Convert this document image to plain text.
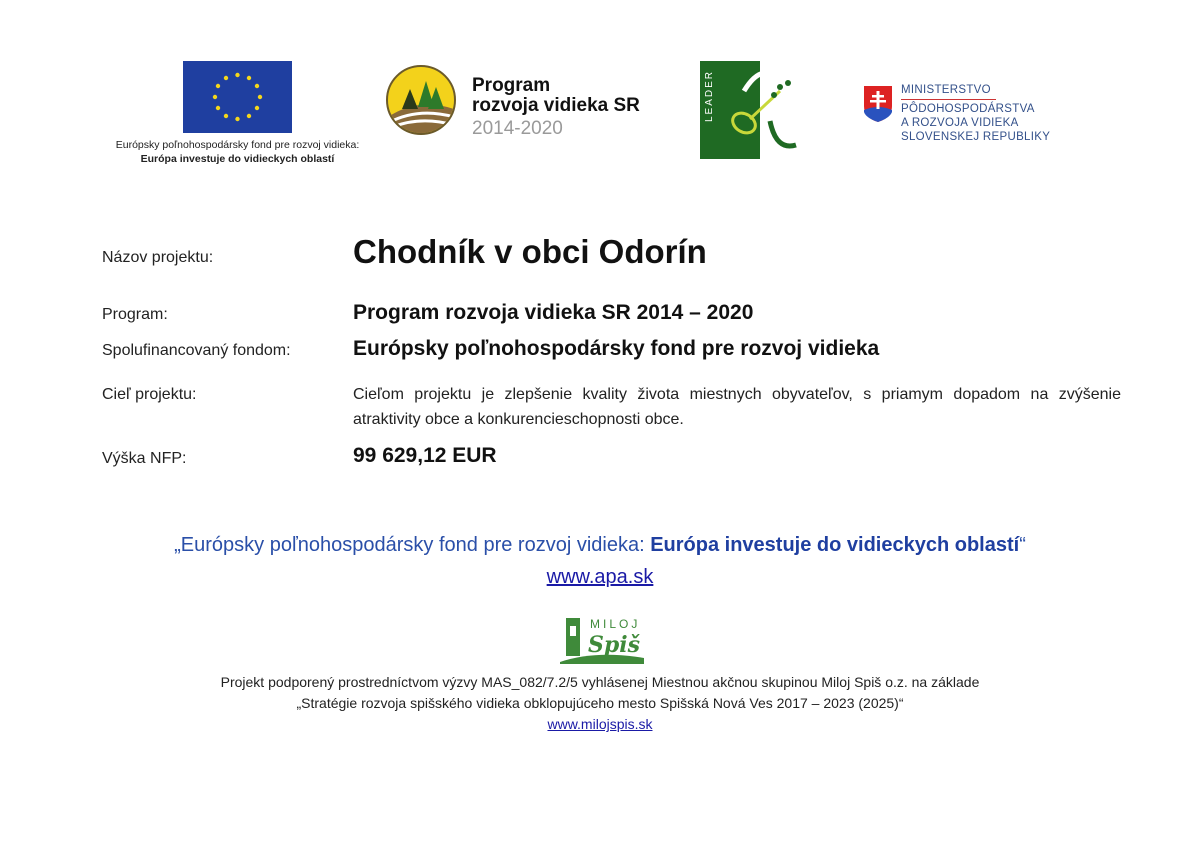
Európsky poľnohospodársky fond pre rozvoj vidieka:
Európa investuje do vidieckych oblastí
Program
rozvoja vidieka SR
2014-2020
LEADER	MINISTERSTVO
PÔDOHOSPODÁRSTVA
A ROZVOJA VIDIEKA
SLOVENSKEJ REPUBLIKY
Názov projektu:	Chodník v obci Odorín
Program:	Program rozvoja vidieka SR 2014 – 2020
Spolufinancovaný fondom:	Európsky poľnohospodársky fond pre rozvoj vidieka
Cieľ projektu:	Cieľom projektu je zlepšenie kvality života miestnych obyvateľov, s priamym dopadom na zvýšenie atraktivity obce a konkurencieschopnosti obce.
Výška NFP:	99 629,12 EUR
„Európsky poľnohospodársky fond pre rozvoj vidieka: Európa investuje do vidieckych oblastí“
www.apa.sk
MILOJ
Spiš
Projekt podporený prostredníctvom výzvy MAS_082/7.2/5 vyhlásenej Miestnou akčnou skupinou Miloj Spiš o.z. na základe
„Stratégie rozvoja spišského vidieka obklopujúceho mesto Spišská Nová Ves 2017 – 2023 (2025)“
www.milojspis.sk
